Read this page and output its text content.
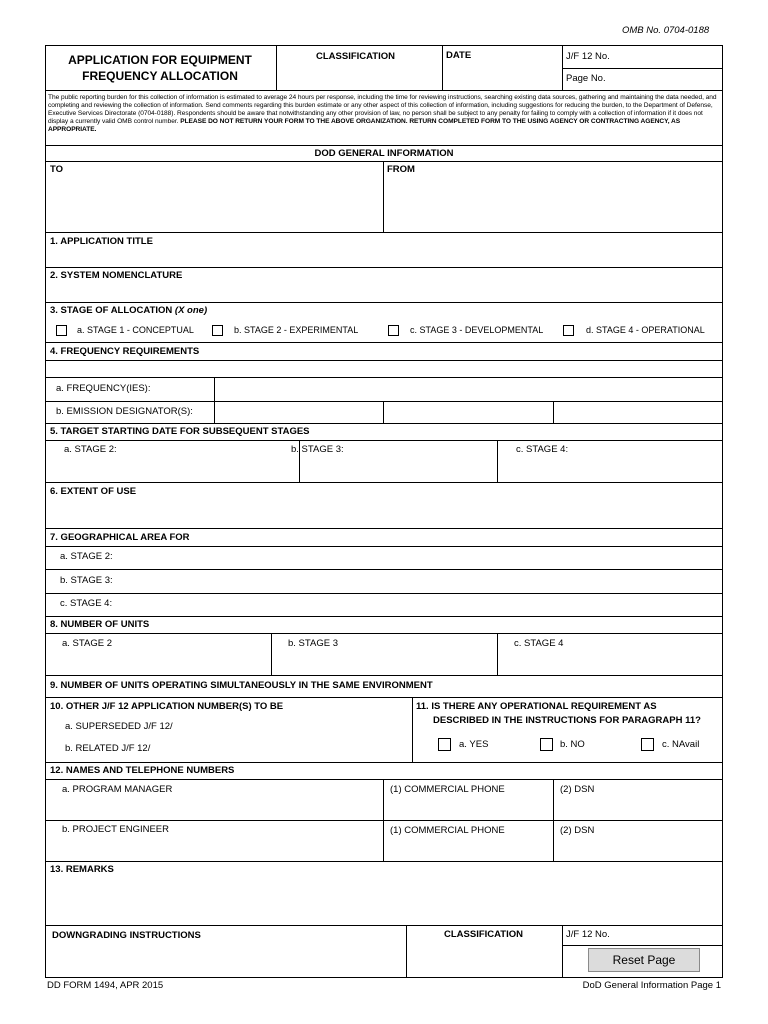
OMB No. 0704-0188
APPLICATION FOR EQUIPMENT
FREQUENCY ALLOCATION
CLASSIFICATION	DATE	J/F 12 No.
Page No.
The public reporting burden for this collection of information is estimated to average 24 hours per response, including the time for reviewing instructions, searching existing data sources, gathering and maintaining the data needed, and completing and reviewing the collection of information. Send comments regarding this burden estimate or any other aspect of this collection of information, including suggestions for reducing the burden, to the Department of Defense, Executive Services Directorate (0704-0188). Respondents should be aware that notwithstanding any other provision of law, no person shall be subject to any penalty for failing to comply with a collection of information if it does not display a currently valid OMB control number. PLEASE DO NOT RETURN YOUR FORM TO THE ABOVE ORGANIZATION. RETURN COMPLETED FORM TO THE USING AGENCY OR CONTRACTING AGENCY, AS APPROPRIATE.
DOD GENERAL INFORMATION
TO	FROM
1. APPLICATION TITLE
2. SYSTEM NOMENCLATURE
3. STAGE OF ALLOCATION (X one)
a. STAGE 1 - CONCEPTUAL	b. STAGE 2 - EXPERIMENTAL	c. STAGE 3 - DEVELOPMENTAL	d. STAGE 4 - OPERATIONAL
4. FREQUENCY REQUIREMENTS
a. FREQUENCY(IES):
b. EMISSION DESIGNATOR(S):
5. TARGET STARTING DATE FOR SUBSEQUENT STAGES
a. STAGE 2:	b. STAGE 3:	c. STAGE 4:
6. EXTENT OF USE
7. GEOGRAPHICAL AREA FOR
a. STAGE 2:
b. STAGE 3:
c. STAGE 4:
8. NUMBER OF UNITS
a. STAGE 2	b. STAGE 3	c. STAGE 4
9. NUMBER OF UNITS OPERATING SIMULTANEOUSLY IN THE SAME ENVIRONMENT
10. OTHER J/F 12 APPLICATION NUMBER(S) TO BE
a. SUPERSEDED J/F 12/
b. RELATED J/F 12/
11. IS THERE ANY OPERATIONAL REQUIREMENT AS
DESCRIBED IN THE INSTRUCTIONS FOR PARAGRAPH 11?
a. YES	b. NO	c. NAvail
12. NAMES AND TELEPHONE NUMBERS
a. PROGRAM MANAGER	(1) COMMERCIAL PHONE	(2) DSN
b. PROJECT ENGINEER	(1) COMMERCIAL PHONE	(2) DSN
13. REMARKS
DOWNGRADING INSTRUCTIONS	CLASSIFICATION	J/F 12 No.
Reset Page
DD FORM 1494, APR 2015	DoD General Information Page 1
